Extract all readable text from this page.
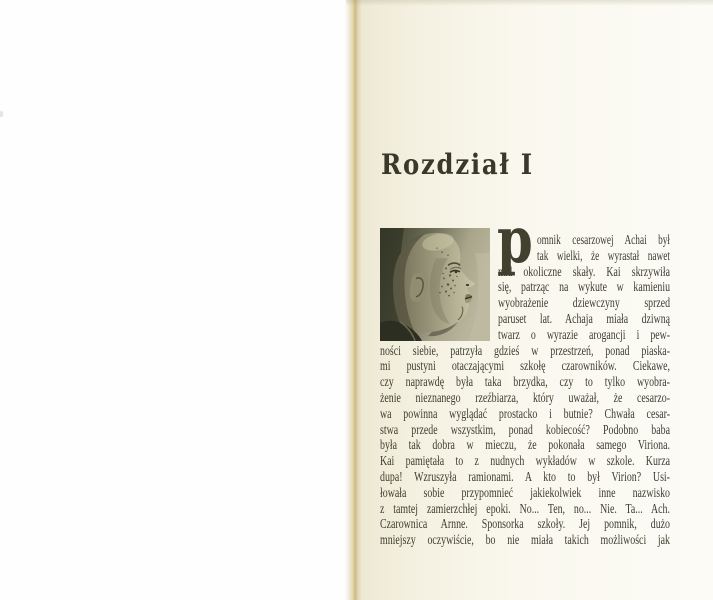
Rozdział I
p omnik cesarzowej Achai był
tak wielki, że wyrastał nawet
nad okoliczne skały. Kai skrzywiła
się, patrząc na wykute w kamieniu
wyobrażenie dziewczyny sprzed
paruset lat. Achaja miała dziwną
twarz o wyrazie arogancji i pew-
ności siebie, patrzyła gdzieś w przestrzeń, ponad piaska-
mi pustyni otaczającymi szkołę czarowników. Ciekawe,
czy naprawdę była taka brzydka, czy to tylko wyobra-
żenie nieznanego rzeźbiarza, który uważał, że cesarzo-
wa powinna wyglądać prostacko i butnie? Chwała cesar-
stwa przede wszystkim, ponad kobiecość? Podobno baba
była tak dobra w mieczu, że pokonała samego Viriona.
Kai pamiętała to z nudnych wykładów w szkole. Kurza
dupa! Wzruszyła ramionami. A kto to był Virion? Usi-
łowała sobie przypomnieć jakiekolwiek inne nazwisko
z tamtej zamierzchłej epoki. No... Ten, no... Nie. Ta... Ach.
Czarownica Arnne. Sponsorka szkoły. Jej pomnik, dużo
mniejszy oczywiście, bo nie miała takich możliwości jak
